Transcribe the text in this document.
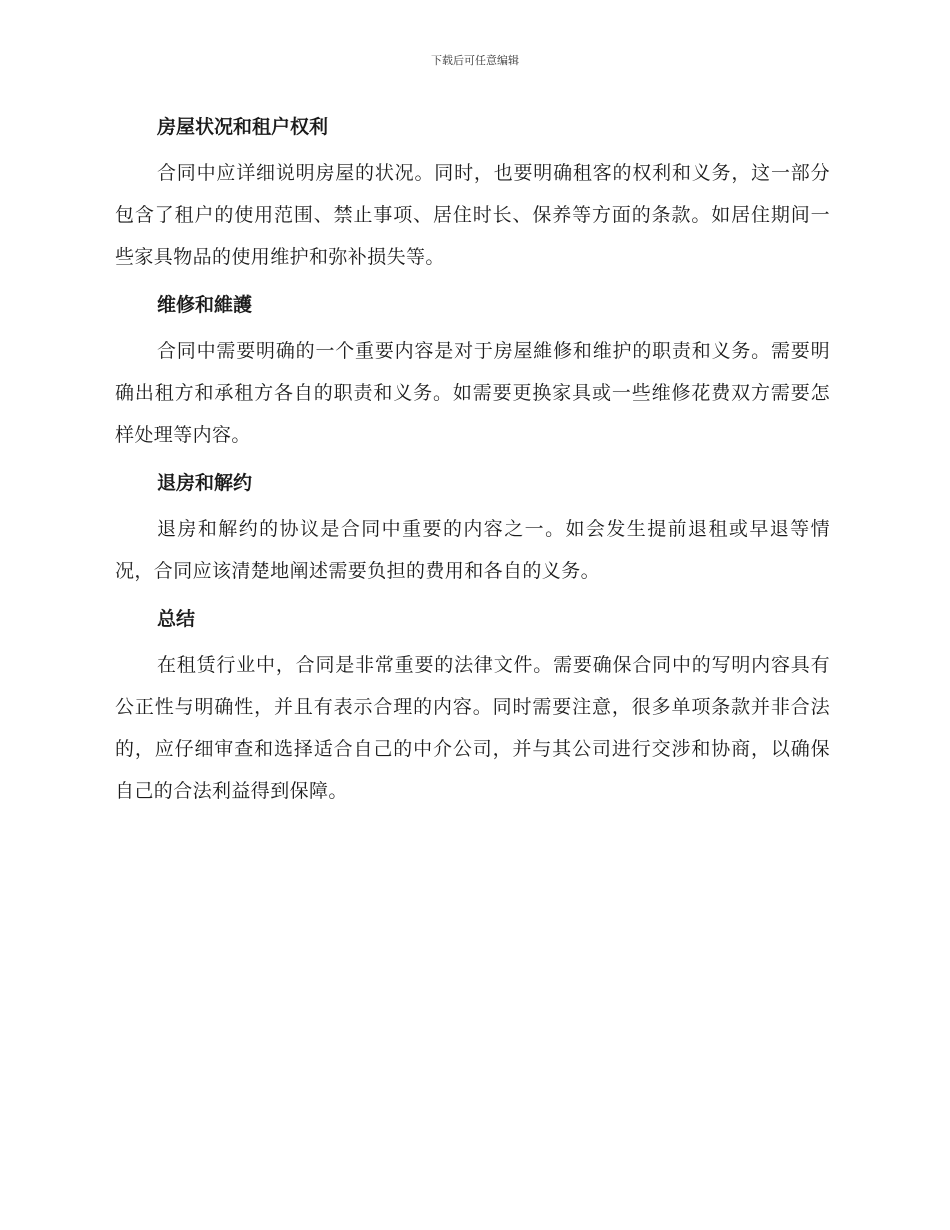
下载后可任意编辑
房屋状况和租户权利

合同中应详细说明房屋的状况。同时，也要明确租客的权利和义务，这一部分包含了租户的使用范围、禁止事项、居住时长、保养等方面的条款。如居住期间一些家具物品的使用维护和弥补损失等。

维修和維護

合同中需要明确的一个重要内容是对于房屋維修和维护的职责和义务。需要明确出租方和承租方各自的职责和义务。如需要更换家具或一些维修花费双方需要怎样处理等内容。

退房和解约

退房和解约的协议是合同中重要的内容之一。如会发生提前退租或早退等情况，合同应该清楚地阐述需要负担的费用和各自的义务。

总结

在租赁行业中，合同是非常重要的法律文件。需要确保合同中的写明内容具有公正性与明确性，并且有表示合理的内容。同时需要注意，很多单项条款并非合法的，应仔细审查和选择适合自己的中介公司，并与其公司进行交涉和协商，以确保自己的合法利益得到保障。
